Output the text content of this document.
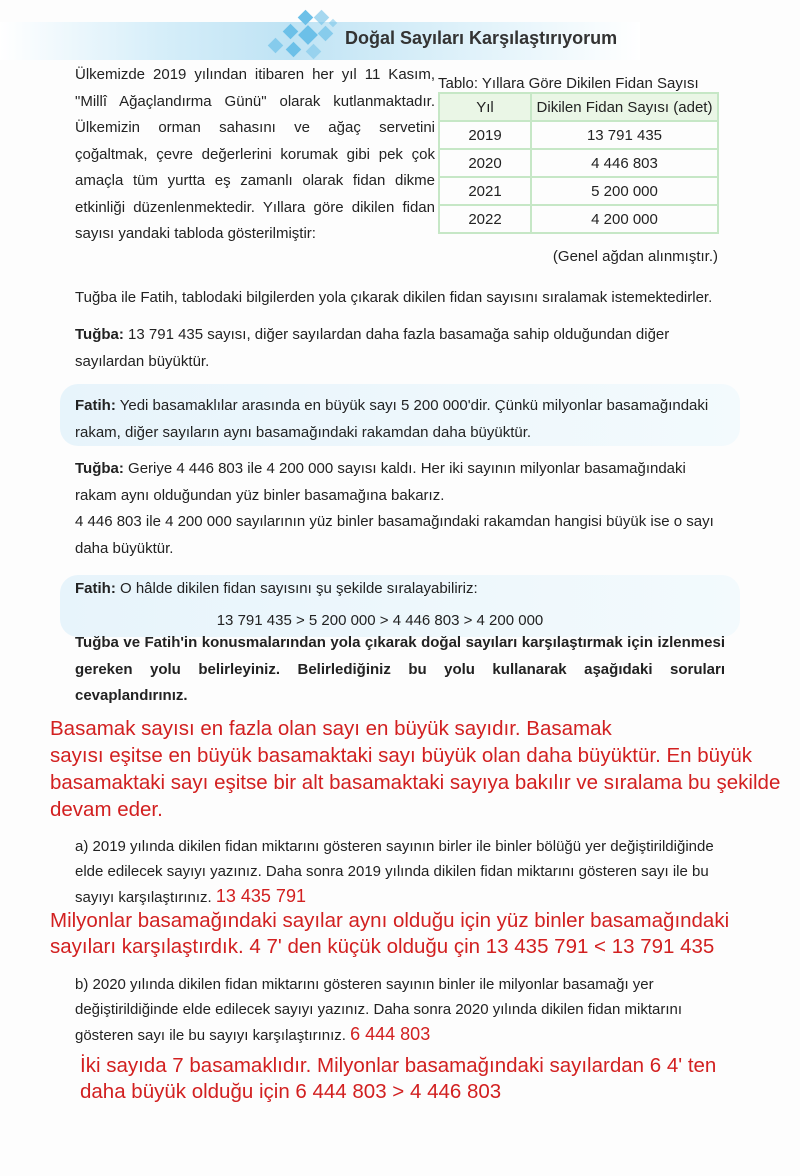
Doğal Sayıları Karşılaştırıyorum
Ülkemizde 2019 yılından itibaren her yıl 11 Kasım, "Millî Ağaçlandırma Günü" olarak kutlanmaktadır. Ülkemizin orman sahasını ve ağaç servetini çoğaltmak, çevre değerlerini korumak gibi pek çok amaçla tüm yurtta eş zamanlı olarak fidan dikme etkinliği düzenlenmektedir. Yıllara göre dikilen fidan sayısı yandaki tabloda gösterilmiştir:
Tablo: Yıllara Göre Dikilen Fidan Sayısı
Yıl	Dikilen Fidan Sayısı (adet)
2019	13 791 435
2020	4 446 803
2021	5 200 000
2022	4 200 000
(Genel ağdan alınmıştır.)
Tuğba ile Fatih, tablodaki bilgilerden yola çıkarak dikilen fidan sayısını sıralamak istemektedirler.
Tuğba: 13 791 435 sayısı, diğer sayılardan daha fazla basamağa sahip olduğundan diğer sayılardan büyüktür.
Fatih: Yedi basamaklılar arasında en büyük sayı 5 200 000'dir. Çünkü milyonlar basamağındaki rakam, diğer sayıların aynı basamağındaki rakamdan daha büyüktür.
Tuğba: Geriye 4 446 803 ile 4 200 000 sayısı kaldı. Her iki sayının milyonlar basamağındaki rakam aynı olduğundan yüz binler basamağına bakarız.
4 446 803 ile 4 200 000 sayılarının yüz binler basamağındaki rakamdan hangisi büyük ise o sayı daha büyüktür.
Fatih: O hâlde dikilen fidan sayısını şu şekilde sıralayabiliriz:
13 791 435 > 5 200 000 > 4 446 803 > 4 200 000
Tuğba ve Fatih'in konusmalarından yola çıkarak doğal sayıları karşılaştırmak için izlenmesi gereken yolu belirleyiniz. Belirlediğiniz bu yolu kullanarak aşağıdaki soruları cevaplandırınız.
Basamak sayısı en fazla olan sayı en büyük sayıdır. Basamak
sayısı eşitse en büyük basamaktaki sayı büyük olan daha büyüktür. En büyük
basamaktaki sayı eşitse bir alt basamaktaki sayıya bakılır ve sıralama bu şekilde
devam eder.
a) 2019 yılında dikilen fidan miktarını gösteren sayının birler ile binler bölüğü yer değiştirildiğinde elde edilecek sayıyı yazınız. Daha sonra 2019 yılında dikilen fidan miktarını gösteren sayı ile bu sayıyı karşılaştırınız. 13 435 791
Milyonlar basamağındaki sayılar aynı olduğu için yüz binler basamağındaki
sayıları karşılaştırdık. 4 7' den küçük olduğu çin 13 435 791 < 13 791 435
b) 2020 yılında dikilen fidan miktarını gösteren sayının binler ile milyonlar basamağı yer değiştirildiğinde elde edilecek sayıyı yazınız. Daha sonra 2020 yılında dikilen fidan miktarını gösteren sayı ile bu sayıyı karşılaştırınız. 6 444 803
İki sayıda 7 basamaklıdır. Milyonlar basamağındaki sayılardan 6 4' ten
daha büyük olduğu için 6 444 803 > 4 446 803
